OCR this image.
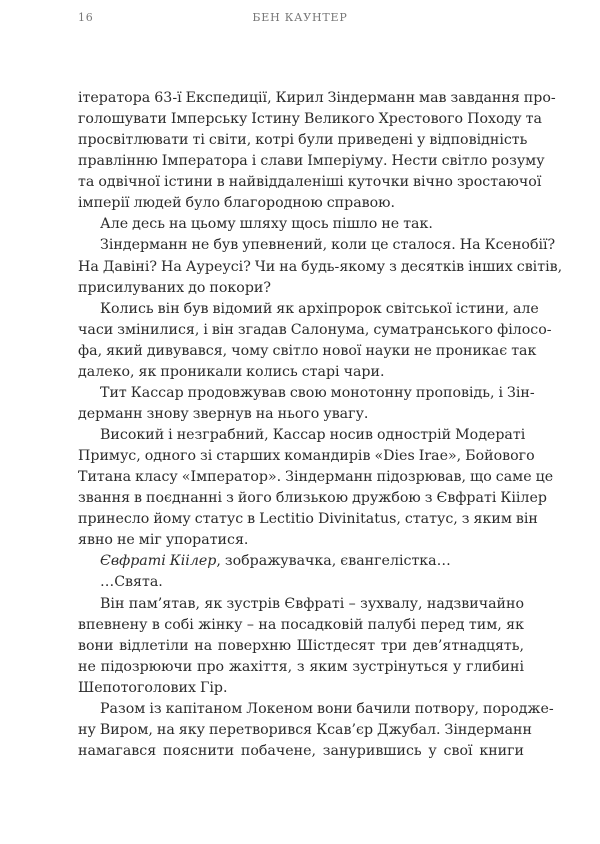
16	БЕН КАУНТЕР
ітератора 63-ї Експедиції, Кирил Зіндерманн мав завдання про-
голошувати Імперську Істину Великого Хрестового Походу та
просвітлювати ті світи, котрі були приведені у відповідність
правлінню Імператора і слави Імперіуму. Нести світло розуму
та одвічної істини в найвіддаленіші куточки вічно зростаючої
імперії людей було благородною справою.
Але десь на цьому шляху щось пішло не так.
Зіндерманн не був упевнений, коли це сталося. На Ксенобії?
На Давіні? На Ауреусі? Чи на будь-якому з десятків інших світів,
присилуваних до покори?
Колись він був відомий як архіпророк світської істини, але
часи змінилися, і він згадав Салонума, суматранського філосо-
фа, який дивувався, чому світло нової науки не проникає так
далеко, як проникали колись старі чари.
Тит Кассар продовжував свою монотонну проповідь, і Зін-
дерманн знову звернув на нього увагу.
Високий і незграбний, Кассар носив однострій Модераті
Примус, одного зі старших командирів «Dies Irae», Бойового
Титана класу «Імператор». Зіндерманн підозрював, що саме це
звання в поєднанні з його близькою дружбою з Євфраті Кіілер
принесло йому статус в Lectitio Divinitatus, статус, з яким він
явно не міг упоратися.
Євфраті Кіілер, зображувачка, євангелістка…
…Свята.
Він пам’ятав, як зустрів Євфраті – зухвалу, надзвичайно
впевнену в собі жінку – на посадковій палубі перед тим, як
вони відлетіли на поверхню Шістдесят три дев’ятнадцять,
не підозрюючи про жахіття, з яким зустрінуться у глибині
Шепотоголових Гір.
Разом із капітаном Локеном вони бачили потвору, породже-
ну Виром, на яку перетворився Ксав’єр Джубал. Зіндерманн
намагався пояснити побачене, занурившись у свої книги
